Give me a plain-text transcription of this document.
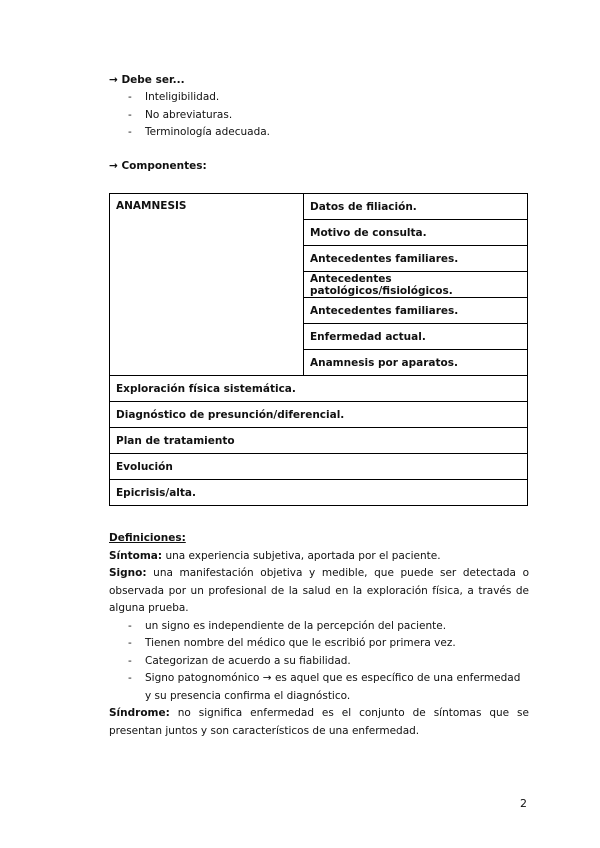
→ Debe ser...
- Inteligibilidad.
- No abreviaturas.
- Terminología adecuada.
→ Componentes:
ANAMNESIS	Datos de filiación.
Motivo de consulta.
Antecedentes familiares.
Antecedentes patológicos/fisiológicos.
Antecedentes familiares.
Enfermedad actual.
Anamnesis por aparatos.
Exploración física sistemática.
Diagnóstico de presunción/diferencial.
Plan de tratamiento
Evolución
Epicrisis/alta.
Definiciones:

Síntoma: una experiencia subjetiva, aportada por el paciente.

Signo: una manifestación objetiva y medible, que puede ser detectada o observada por un profesional de la salud en la exploración física, a través de alguna prueba.

- un signo es independiente de la percepción del paciente.
- Tienen nombre del médico que le escribió por primera vez.
- Categorizan de acuerdo a su fiabilidad.
- Signo patognomónico → es aquel que es específico de una enfermedad y su presencia confirma el diagnóstico.

Síndrome: no significa enfermedad es el conjunto de síntomas que se presentan juntos y son característicos de una enfermedad.

2
